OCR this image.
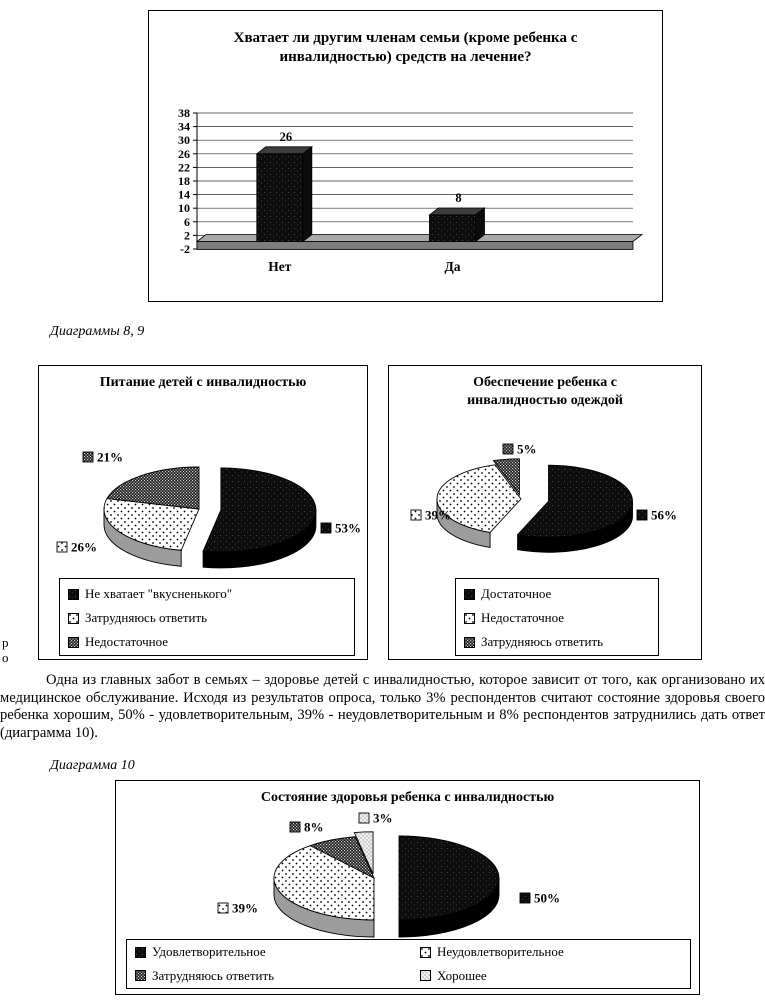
Хватает ли другим членам семьи (кроме ребенка с инвалидностью) средств на лечение?
-2
2
6
10
14
18
22
26
30
34
38
26
Нет
8
Да
Диаграммы 8, 9
53%
26%
21%
Питание детей с инвалидностью
Не хватает "вкусненького"
Затрудняюсь ответить
Недостаточное
56%
39%
5%
Обеспечение ребенка с инвалидностью одеждой
Достаточное
Недостаточное
Затрудняюсь ответить
р
о

Одна из главных забот в семьях – здоровье детей с инвалидностью, которое зависит от того, как организовано их медицинское обслуживание. Исходя из результатов опроса, только 3% респондентов считают состояние здоровья своего ребенка хорошим, 50% - удовлетворительным, 39% - неудовлетворительным и 8% респондентов затруднились дать ответ (диаграмма 10).

Диаграмма 10
50%
39%
8%
3%
Состояние здоровья ребенка с инвалидностью
Удовлетворительное	Неудовлетворительное
Затрудняюсь ответить	Хорошее
